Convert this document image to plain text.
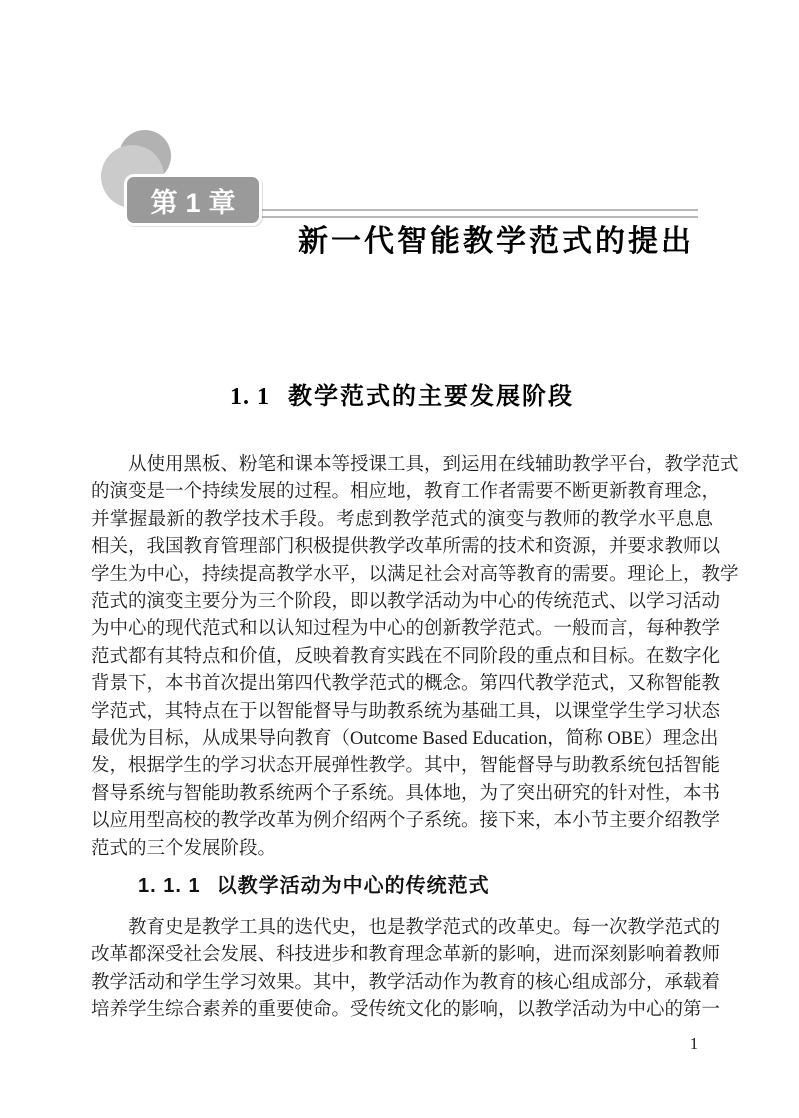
第1章
新一代智能教学范式的提出
1. 1 教学范式的主要发展阶段
从使用黑板、粉笔和课本等授课工具，到运用在线辅助教学平台，教学范式
的演变是一个持续发展的过程。相应地，教育工作者需要不断更新教育理念，
并掌握最新的教学技术手段。考虑到教学范式的演变与教师的教学水平息息
相关，我国教育管理部门积极提供教学改革所需的技术和资源，并要求教师以
学生为中心，持续提高教学水平，以满足社会对高等教育的需要。理论上，教学
范式的演变主要分为三个阶段，即以教学活动为中心的传统范式、以学习活动
为中心的现代范式和以认知过程为中心的创新教学范式。一般而言，每种教学
范式都有其特点和价值，反映着教育实践在不同阶段的重点和目标。在数字化
背景下，本书首次提出第四代教学范式的概念。第四代教学范式，又称智能教
学范式，其特点在于以智能督导与助教系统为基础工具，以课堂学生学习状态
最优为目标，从成果导向教育（Outcome Based Education，简称 OBE）理念出
发，根据学生的学习状态开展弹性教学。其中，智能督导与助教系统包括智能
督导系统与智能助教系统两个子系统。具体地，为了突出研究的针对性，本书
以应用型高校的教学改革为例介绍两个子系统。接下来，本小节主要介绍教学
范式的三个发展阶段。
1. 1. 1 以教学活动为中心的传统范式
教育史是教学工具的迭代史，也是教学范式的改革史。每一次教学范式的
改革都深受社会发展、科技进步和教育理念革新的影响，进而深刻影响着教师
教学活动和学生学习效果。其中，教学活动作为教育的核心组成部分，承载着
培养学生综合素养的重要使命。受传统文化的影响，以教学活动为中心的第一
1
